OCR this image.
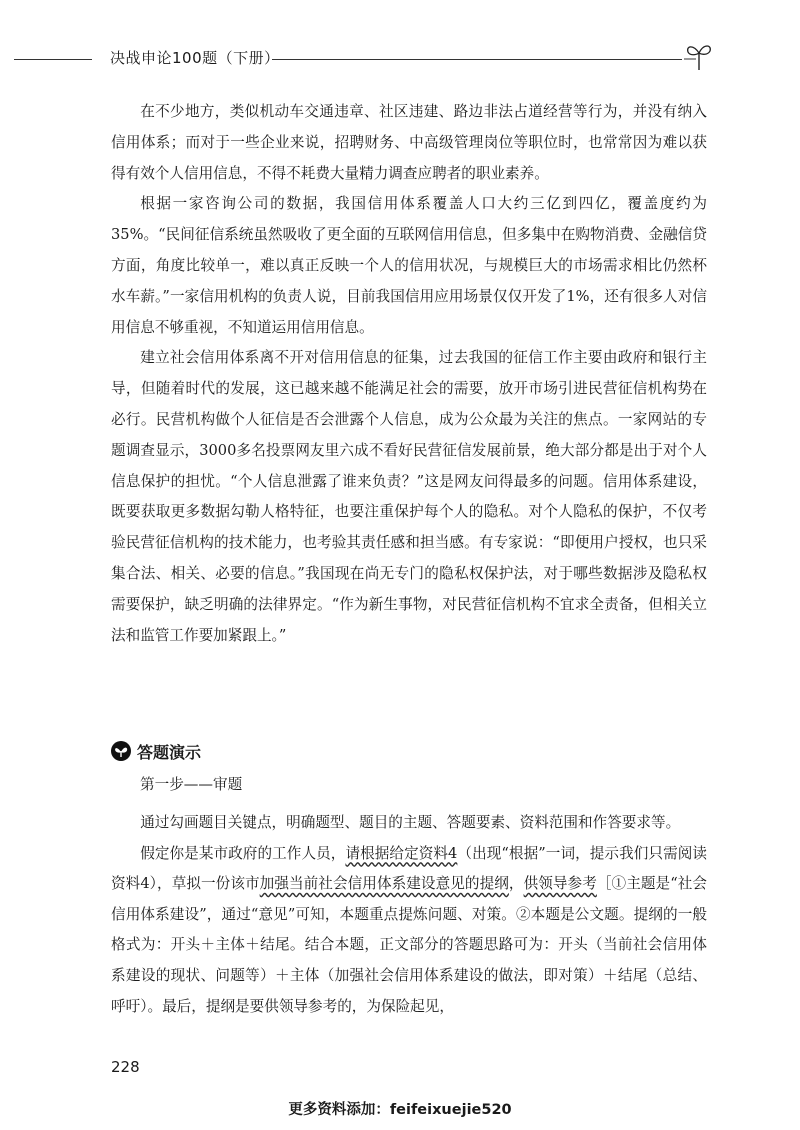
决战申论100题（下册）

在不少地方，类似机动车交通违章、社区违建、路边非法占道经营等行为，并没有纳入信用体系；而对于一些企业来说，招聘财务、中高级管理岗位等职位时，也常常因为难以获得有效个人信用信息，不得不耗费大量精力调查应聘者的职业素养。

根据一家咨询公司的数据，我国信用体系覆盖人口大约三亿到四亿，覆盖度约为35%。“民间征信系统虽然吸收了更全面的互联网信用信息，但多集中在购物消费、金融信贷方面，角度比较单一，难以真正反映一个人的信用状况，与规模巨大的市场需求相比仍然杯水车薪。”一家信用机构的负责人说，目前我国信用应用场景仅仅开发了1%，还有很多人对信用信息不够重视，不知道运用信用信息。

建立社会信用体系离不开对信用信息的征集，过去我国的征信工作主要由政府和银行主导，但随着时代的发展，这已越来越不能满足社会的需要，放开市场引进民营征信机构势在必行。民营机构做个人征信是否会泄露个人信息，成为公众最为关注的焦点。一家网站的专题调查显示，3000多名投票网友里六成不看好民营征信发展前景，绝大部分都是出于对个人信息保护的担忧。“个人信息泄露了谁来负责？”这是网友问得最多的问题。信用体系建设，既要获取更多数据勾勒人格特征，也要注重保护每个人的隐私。对个人隐私的保护，不仅考验民营征信机构的技术能力，也考验其责任感和担当感。有专家说：“即便用户授权，也只采集合法、相关、必要的信息。”我国现在尚无专门的隐私权保护法，对于哪些数据涉及隐私权需要保护，缺乏明确的法律界定。“作为新生事物，对民营征信机构不宜求全责备，但相关立法和监管工作要加紧跟上。”

答题演示
第一步——审题

通过勾画题目关键点，明确题型、题目的主题、答题要素、资料范围和作答要求等。

假定你是某市政府的工作人员，请根据给定资料4（出现“根据”一词，提示我们只需阅读资料4），草拟一份该市加强当前社会信用体系建设意见的提纲，供领导参考［①主题是“社会信用体系建设”，通过“意见”可知，本题重点提炼问题、对策。②本题是公文题。提纲的一般格式为：开头＋主体＋结尾。结合本题，正文部分的答题思路可为：开头（当前社会信用体系建设的现状、问题等）＋主体（加强社会信用体系建设的做法，即对策）＋结尾（总结、呼吁）。最后，提纲是要供领导参考的，为保险起见，

228
更多资料添加：feifeixuejie520
